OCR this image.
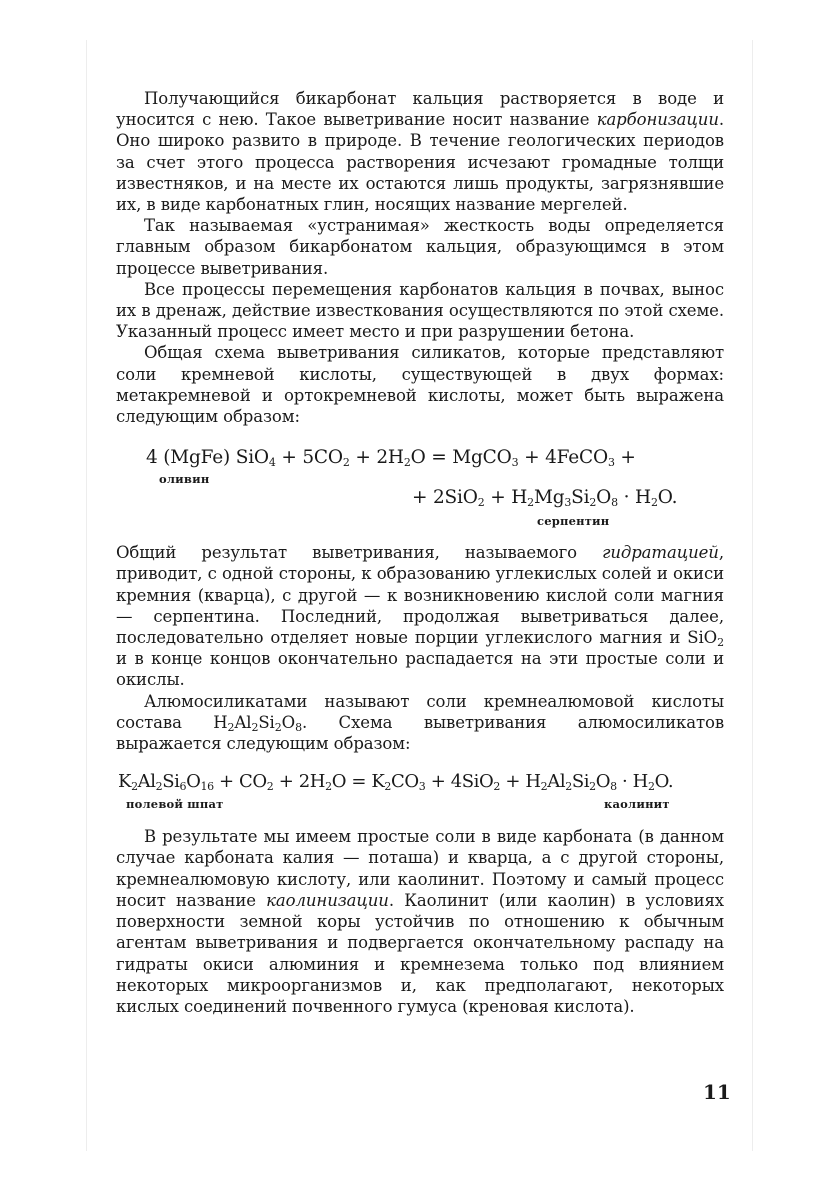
Получающийся бикарбонат кальция растворяется в воде и уносится с нею. Такое выветривание носит название карбонизации. Оно широко развито в природе. В течение геологических периодов за счет этого процесса растворения исчезают громадные толщи известняков, и на месте их остаются лишь продукты, загрязнявшие их, в виде карбонатных глин, носящих название мергелей.

Так называемая «устранимая» жесткость воды определяется главным образом бикарбонатом кальция, образующимся в этом процессе выветривания.

Все процессы перемещения карбонатов кальция в почвах, вынос их в дренаж, действие известкования осуществляются по этой схеме. Указанный процесс имеет место и при разрушении бетона.

Общая схема выветривания силикатов, которые представляют соли кремневой кислоты, существующей в двух формах: метакремневой и ортокремневой кислоты, может быть выражена следующим образом:

4 (MgFe) $SiO_4 + 5CO_2 + 2H_2O$ = MgCO$_3$ + 4FeCO$_3$ +
оливин
+ $2SiO_2 + H_2Mg_3Si_2O_8 \cdot H_2O$.
серпентин

Общий результат выветривания, называемого гидратацией, приводит, с одной стороны, к образованию углекислых солей и окиси кремния (кварца), с другой — к возникновению кислой соли магния — серпентина. Последний, продолжая выветриваться далее, последовательно отделяет новые порции углекислого магния и SiO$_2$ и в конце концов окончательно распадается на эти простые соли и окислы.

Алюмосиликатами называют соли кремнеалюмовой кислоты состава $H_2Al_2Si_2O_8$. Схема выветривания алюмосиликатов выражается следующим образом:

$K_2Al_2Si_6O_{16} + CO_2 + 2H_2O = K_2CO_3 + 4SiO_2 + H_2Al_2Si_2O_8 \cdot H_2O$.
полевой шпат	каолинит

В результате мы имеем простые соли в виде карбоната (в данном случае карбоната калия — поташа) и кварца, а с другой стороны, кремнеалюмовую кислоту, или каолинит. Поэтому и самый процесс носит название каолинизации. Каолинит (или каолин) в условиях поверхности земной коры устойчив по отношению к обычным агентам выветривания и подвергается окончательному распаду на гидраты окиси алюминия и кремнезема только под влиянием некоторых микроорганизмов и, как предполагают, некоторых кислых соединений почвенного гумуса (креновая кислота).

11
